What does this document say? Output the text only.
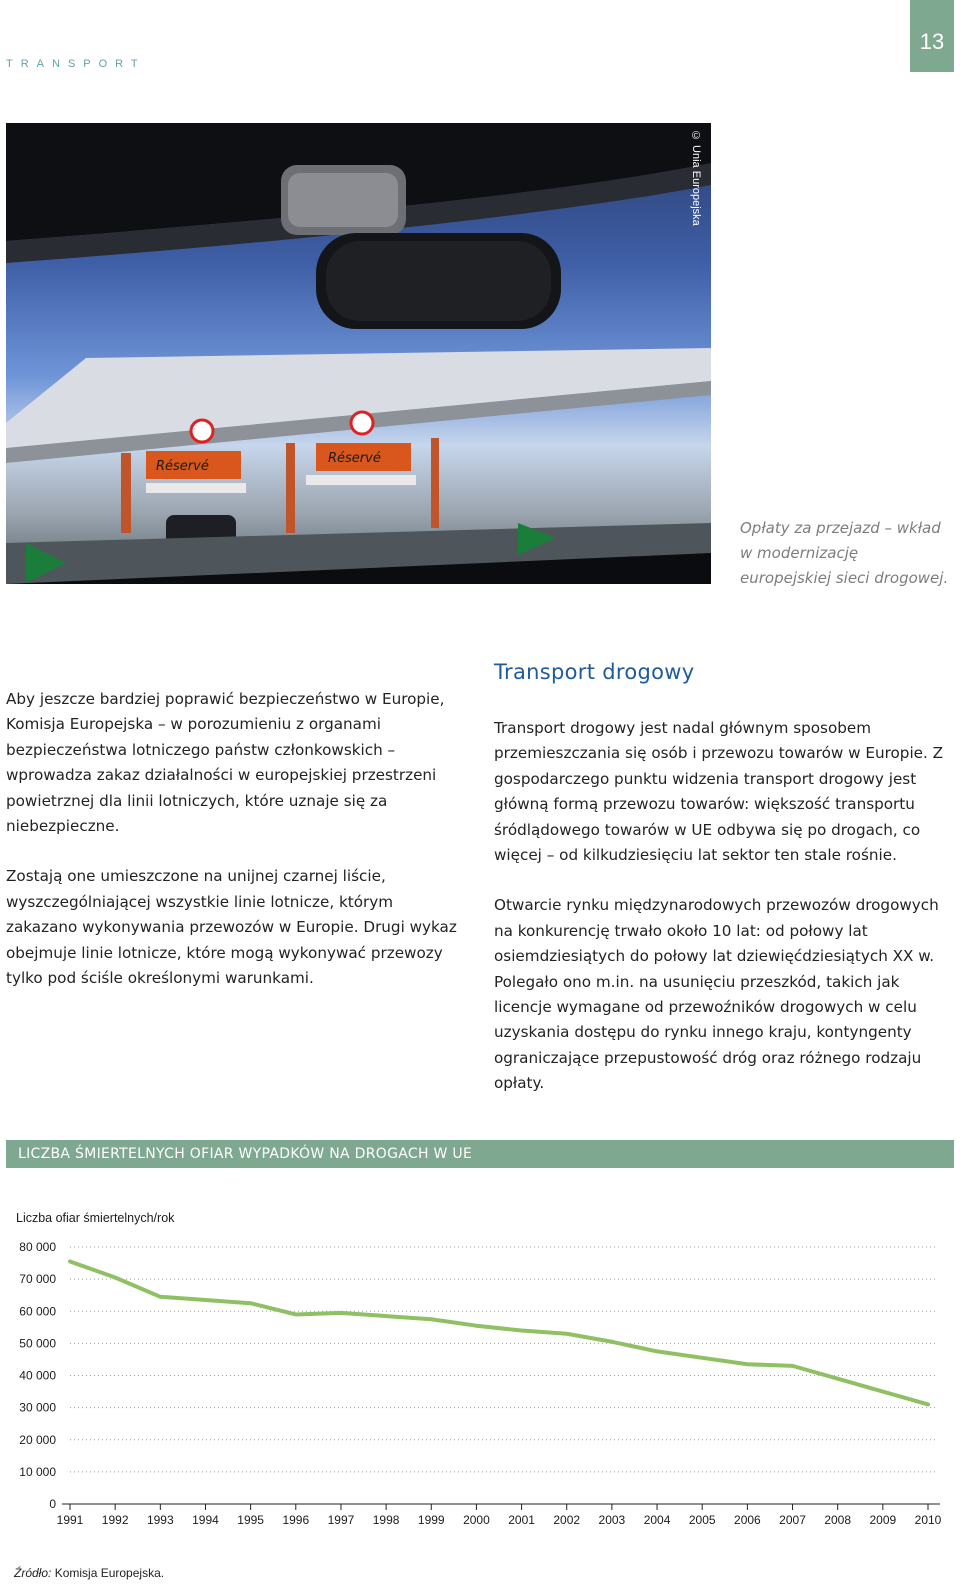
TRANSPORT
13
Réservé
Réservé
© Unia Europejska
Opłaty za przejazd – wkład w modernizację europejskiej sieci drogowej.

Aby jeszcze bardziej poprawić bezpieczeństwo w Europie, Komisja Europejska – w porozumieniu z organami bezpieczeństwa lotniczego państw członkowskich – wprowadza zakaz działalności w europejskiej przestrzeni powietrznej dla linii lotniczych, które uznaje się za niebezpieczne.

Zostają one umieszczone na unijnej czarnej liście, wyszczególniającej wszystkie linie lotnicze, którym zakazano wykonywania przewozów w Europie. Drugi wykaz obejmuje linie lotnicze, które mogą wykonywać przewozy tylko pod ściśle określonymi warunkami.

Transport drogowy

Transport drogowy jest nadal głównym sposobem przemieszczania się osób i przewozu towarów w Europie. Z gospodarczego punktu widzenia transport drogowy jest główną formą przewozu towarów: większość transportu śródlądowego towarów w UE odbywa się po drogach, co więcej – od kilkudziesięciu lat sektor ten stale rośnie.

Otwarcie rynku międzynarodowych przewozów drogowych na konkurencję trwało około 10 lat: od połowy lat osiemdziesiątych do połowy lat dziewięćdziesiątych XX w. Polegało ono m.in. na usunięciu przeszkód, takich jak licencje wymagane od przewoźników drogowych w celu uzyskania dostępu do rynku innego kraju, kontyngenty ograniczające przepustowość dróg oraz różnego rodzaju opłaty.

LICZBA ŚMIERTELNYCH OFIAR WYPADKÓW NA DROGACH W UE
Liczba ofiar śmiertelnych/rok
80 000
70 000
60 000
50 000
40 000
30 000
20 000
10 000
0
1991 1992 1993 1994 1995 1996 1997 1998 1999 2000 2001 2002 2003 2004 2005 2006 2007 2008 2009 2010
Źródło: Komisja Europejska.
